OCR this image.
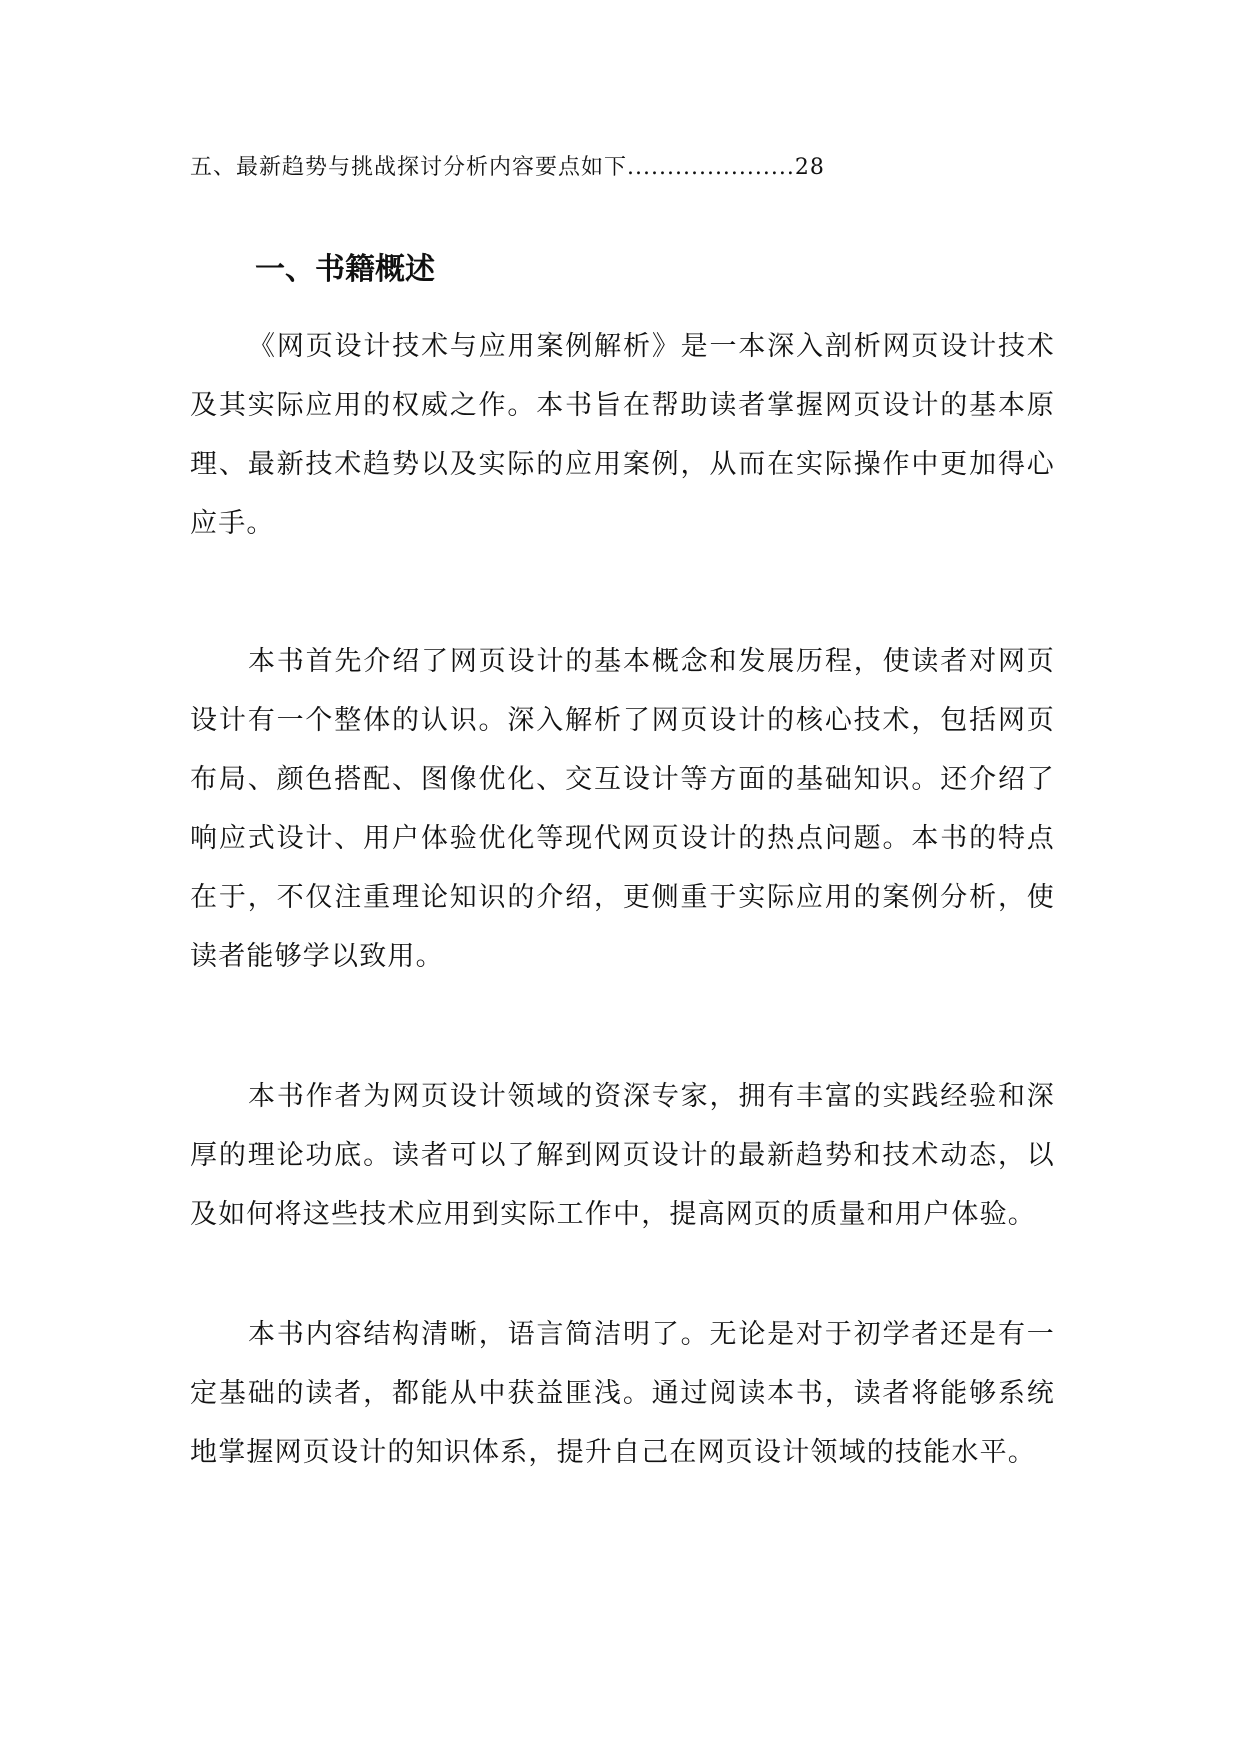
五、最新趋势与挑战探讨分析内容要点如下.....................28
一、书籍概述

《网页设计技术与应用案例解析》是一本深入剖析网页设计技术及其实际应用的权威之作。本书旨在帮助读者掌握网页设计的基本原理、最新技术趋势以及实际的应用案例，从而在实际操作中更加得心应手。

本书首先介绍了网页设计的基本概念和发展历程，使读者对网页设计有一个整体的认识。深入解析了网页设计的核心技术，包括网页布局、颜色搭配、图像优化、交互设计等方面的基础知识。还介绍了响应式设计、用户体验优化等现代网页设计的热点问题。本书的特点在于，不仅注重理论知识的介绍，更侧重于实际应用的案例分析，使读者能够学以致用。

本书作者为网页设计领域的资深专家，拥有丰富的实践经验和深厚的理论功底。读者可以了解到网页设计的最新趋势和技术动态，以及如何将这些技术应用到实际工作中，提高网页的质量和用户体验。

本书内容结构清晰，语言简洁明了。无论是对于初学者还是有一定基础的读者，都能从中获益匪浅。通过阅读本书，读者将能够系统地掌握网页设计的知识体系，提升自己在网页设计领域的技能水平。
